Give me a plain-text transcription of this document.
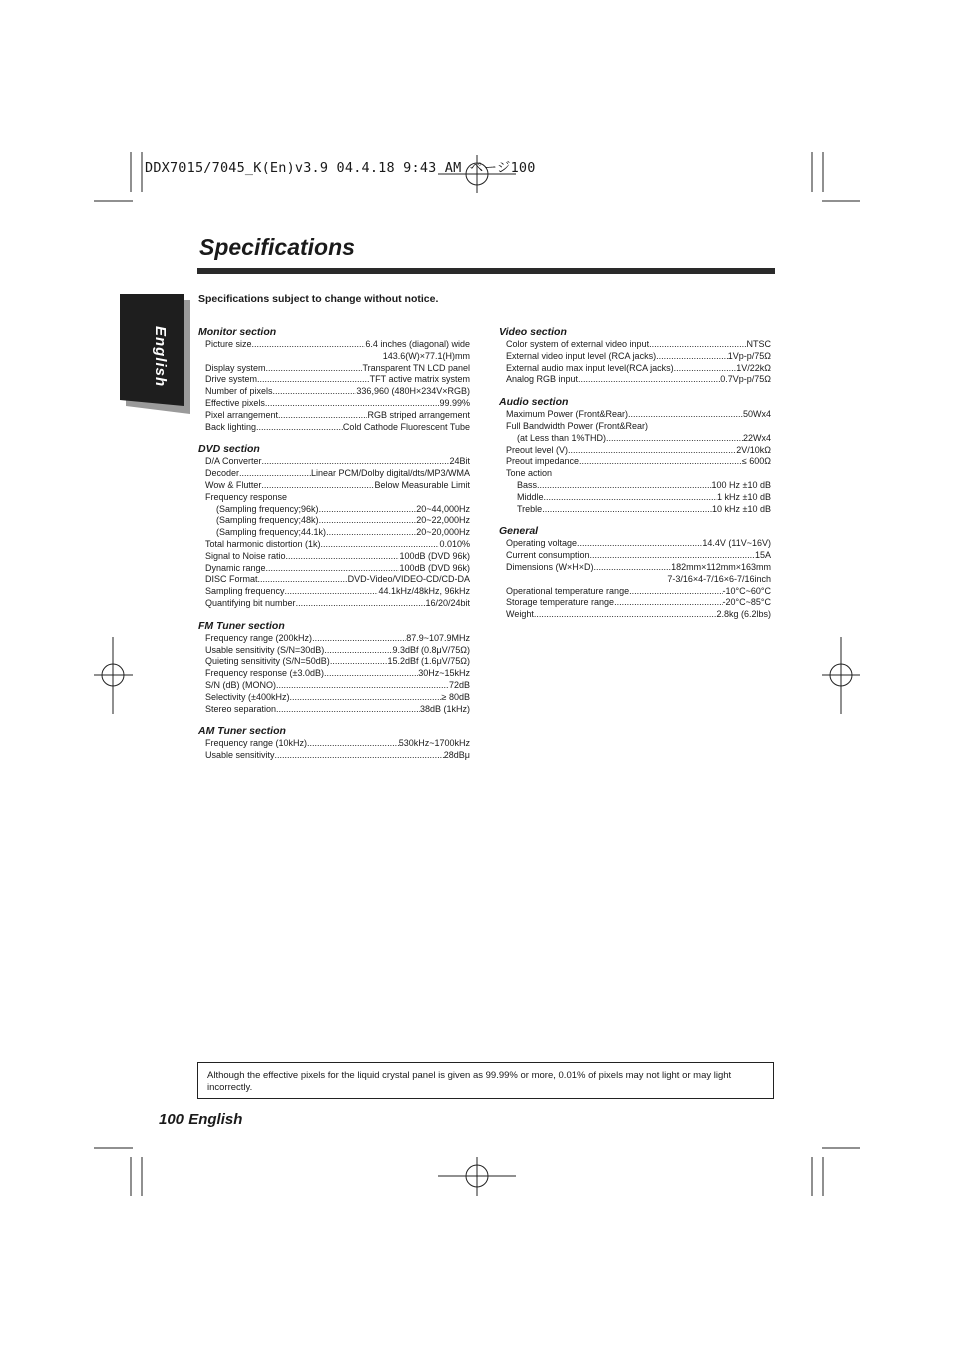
DDX7015/7045_K(En)v3.9 04.4.18 9:43 AM ページ100
Specifications
English
Specifications subject to change without notice.
Monitor section
Picture size .....	6.4 inches (diagonal) wide
143.6(W)×77.1(H)mm
Display system .....	Transparent TN LCD panel
Drive system .....	TFT active matrix system
Number of pixels .....	336,960 (480H×234V×RGB)
Effective pixels .....	99.99%
Pixel arrangement .....	RGB striped arrangement
Back lighting .....	Cold Cathode Fluorescent Tube
DVD section
D/A Converter .....	24Bit
Decoder .....	Linear PCM/Dolby digital/dts/MP3/WMA
Wow & Flutter .....	Below Measurable Limit
Frequency response
(Sampling frequency;96k) .....	20~44,000Hz
(Sampling frequency;48k) .....	20~22,000Hz
(Sampling frequency;44.1k) .....	20~20,000Hz
Total harmonic distortion (1k) .....	0.010%
Signal to Noise ratio .....	100dB (DVD 96k)
Dynamic range .....	100dB (DVD 96k)
DISC Format .....	DVD-Video/VIDEO-CD/CD-DA
Sampling frequency .....	44.1kHz/48kHz, 96kHz
Quantifying bit number .....	16/20/24bit
FM Tuner section
Frequency range (200kHz) .....	87.9~107.9MHz
Usable sensitivity (S/N=30dB) .....	9.3dBf (0.8μV/75Ω)
Quieting sensitivity (S/N=50dB) .....	15.2dBf (1.6μV/75Ω)
Frequency response (±3.0dB) .....	30Hz~15kHz
S/N (dB) (MONO) .....	72dB
Selectivity (±400kHz) .....	≥ 80dB
Stereo separation .....	38dB (1kHz)
AM Tuner section
Frequency range (10kHz) .....	530kHz~1700kHz
Usable sensitivity .....	28dBμ
Video section
Color system of external video input .....	NTSC
External video input level (RCA jacks) .....	1Vp-p/75Ω
External audio max input level(RCA jacks) .....	1V/22kΩ
Analog RGB input .....	0.7Vp-p/75Ω
Audio section
Maximum Power (Front&Rear) .....	50Wx4
Full Bandwidth Power (Front&Rear)
(at Less than 1%THD) .....	22Wx4
Preout level (V) .....	2V/10kΩ
Preout impedance .....	≤ 600Ω
Tone action
Bass .....	100 Hz ±10 dB
Middle .....	1 kHz ±10 dB
Treble .....	10 kHz ±10 dB
General
Operating voltage .....	14.4V (11V~16V)
Current consumption .....	15A
Dimensions (W×H×D) .....	182mm×112mm×163mm
7-3/16×4-7/16×6-7/16inch
Operational temperature range .....	-10°C~60°C
Storage temperature range .....	-20°C~85°C
Weight .....	2.8kg (6.2lbs)
Although the effective pixels for the liquid crystal panel is given as 99.99% or more, 0.01% of pixels may not light or may light incorrectly.
100 English
